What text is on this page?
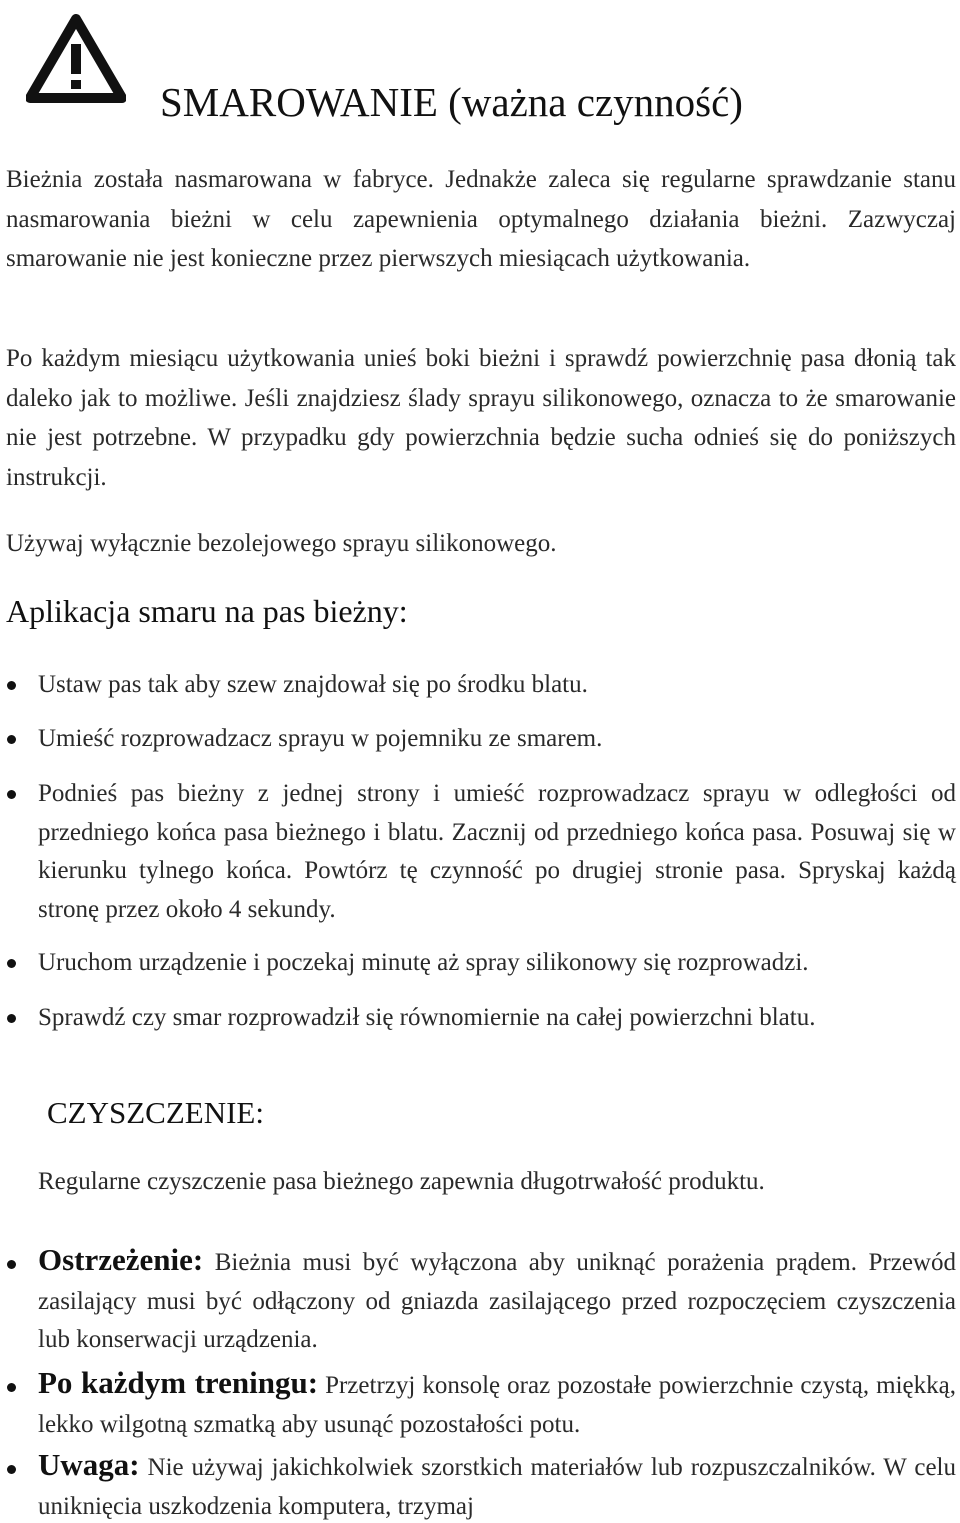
SMAROWANIE (ważna czynność)

Bieżnia została nasmarowana w fabryce. Jednakże zaleca się regularne sprawdzanie stanu nasmarowania bieżni w celu zapewnienia optymalnego działania bieżni. Zazwyczaj smarowanie nie jest konieczne przez pierwszych miesiącach użytkowania.

Po każdym miesiącu użytkowania unieś boki bieżni i sprawdź powierzchnię pasa dłonią tak daleko jak to możliwe. Jeśli znajdziesz ślady sprayu silikonowego, oznacza to że smarowanie nie jest potrzebne. W przypadku gdy powierzchnia będzie sucha odnieś się do poniższych instrukcji.

Używaj wyłącznie bezolejowego sprayu silikonowego.

Aplikacja smaru na pas bieżny:

Ustaw pas tak aby szew znajdował się po środku blatu.

Umieść rozprowadzacz sprayu w pojemniku ze smarem.

Podnieś pas bieżny z jednej strony i umieść rozprowadzacz sprayu w odległości od przedniego końca pasa bieżnego i blatu. Zacznij od przedniego końca pasa. Posuwaj się w kierunku tylnego końca. Powtórz tę czynność po drugiej stronie pasa. Spryskaj każdą stronę przez około 4 sekundy.

Uruchom urządzenie i poczekaj minutę aż spray silikonowy się rozprowadzi.

Sprawdź czy smar rozprowadził się równomiernie na całej powierzchni blatu.

CZYSZCZENIE:

Regularne czyszczenie pasa bieżnego zapewnia długotrwałość produktu.

Ostrzeżenie: Bieżnia musi być wyłączona aby uniknąć porażenia prądem. Przewód zasilający musi być odłączony od gniazda zasilającego przed rozpoczęciem czyszczenia lub konserwacji urządzenia.

Po każdym treningu: Przetrzyj konsolę oraz pozostałe powierzchnie czystą, miękką, lekko wilgotną szmatką aby usunąć pozostałości potu.

Uwaga: Nie używaj jakichkolwiek szorstkich materiałów lub rozpuszczalników. W celu uniknięcia uszkodzenia komputera, trzymaj
